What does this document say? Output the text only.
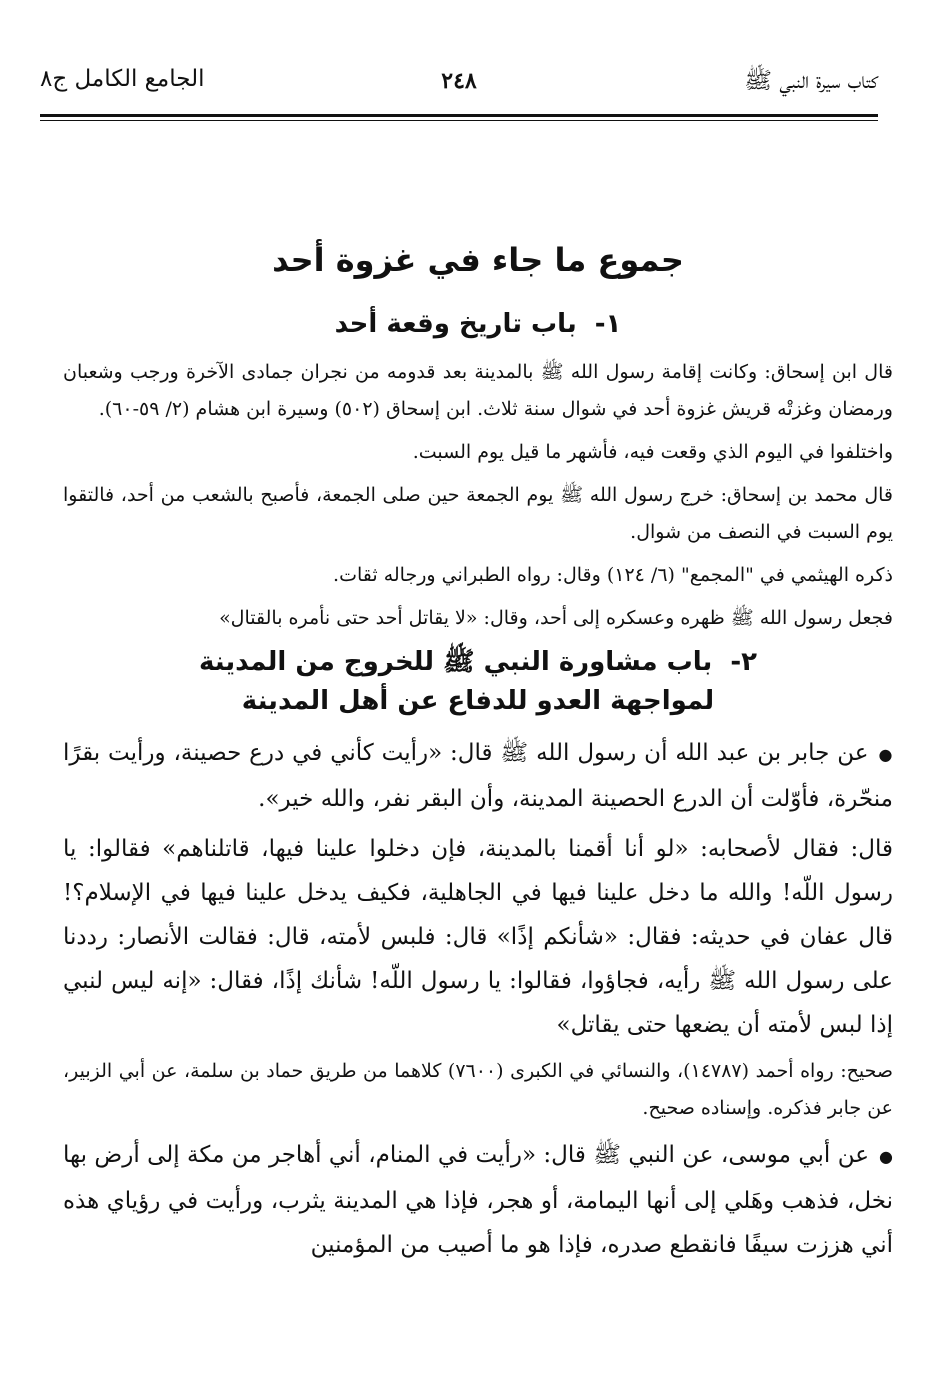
كتاب سيرة النبي ﷺ
٢٤٨
الجامع الكامل ج٨
جموع ما جاء في غزوة أحد
١-باب تاريخ وقعة أحد

قال ابن إسحاق: وكانت إقامة رسول الله ﷺ بالمدينة بعد قدومه من نجران جمادى الآخرة ورجب وشعبان ورمضان وغزتْه قريش غزوة أحد في شوال سنة ثلاث. ابن إسحاق (٥٠٢) وسيرة ابن هشام (٢/ ٥٩-٦٠).

واختلفوا في اليوم الذي وقعت فيه، فأشهر ما قيل يوم السبت.

قال محمد بن إسحاق: خرج رسول الله ﷺ يوم الجمعة حين صلى الجمعة، فأصبح بالشعب من أحد، فالتقوا يوم السبت في النصف من شوال.

ذكره الهيثمي في "المجمع" (٦/ ١٢٤) وقال: رواه الطبراني ورجاله ثقات.

فجعل رسول الله ﷺ ظهره وعسكره إلى أحد، وقال: «لا يقاتل أحد حتى نأمره بالقتال»

٢-باب مشاورة النبي ﷺ للخروج من المدينة
لمواجهة العدو للدفاع عن أهل المدينة

●عن جابر بن عبد الله أن رسول الله ﷺ قال: «رأيت كأني في درع حصينة، ورأيت بقرًا منحّرة، فأوّلت أن الدرع الحصينة المدينة، وأن البقر نفر، والله خير».

قال: فقال لأصحابه: «لو أنا أقمنا بالمدينة، فإن دخلوا علينا فيها، قاتلناهم» فقالوا: يا رسول اللّه! والله ما دخل علينا فيها في الجاهلية، فكيف يدخل علينا فيها في الإسلام؟! قال عفان في حديثه: فقال: «شأنكم إذًا» قال: فلبس لأمته، قال: فقالت الأنصار: رددنا على رسول الله ﷺ رأيه، فجاؤوا، فقالوا: يا رسول اللّه! شأنك إذًا، فقال: «إنه ليس لنبي إذا لبس لأمته أن يضعها حتى يقاتل»

صحيح: رواه أحمد (١٤٧٨٧)، والنسائي في الكبرى (٧٦٠٠) كلاهما من طريق حماد بن سلمة، عن أبي الزبير، عن جابر فذكره. وإسناده صحيح.

●عن أبي موسى، عن النبي ﷺ قال: «رأيت في المنام، أني أهاجر من مكة إلى أرض بها نخل، فذهب وهَلي إلى أنها اليمامة، أو هجر، فإذا هي المدينة يثرب، ورأيت في رؤياي هذه أني هززت سيفًا فانقطع صدره، فإذا هو ما أصيب من المؤمنين
